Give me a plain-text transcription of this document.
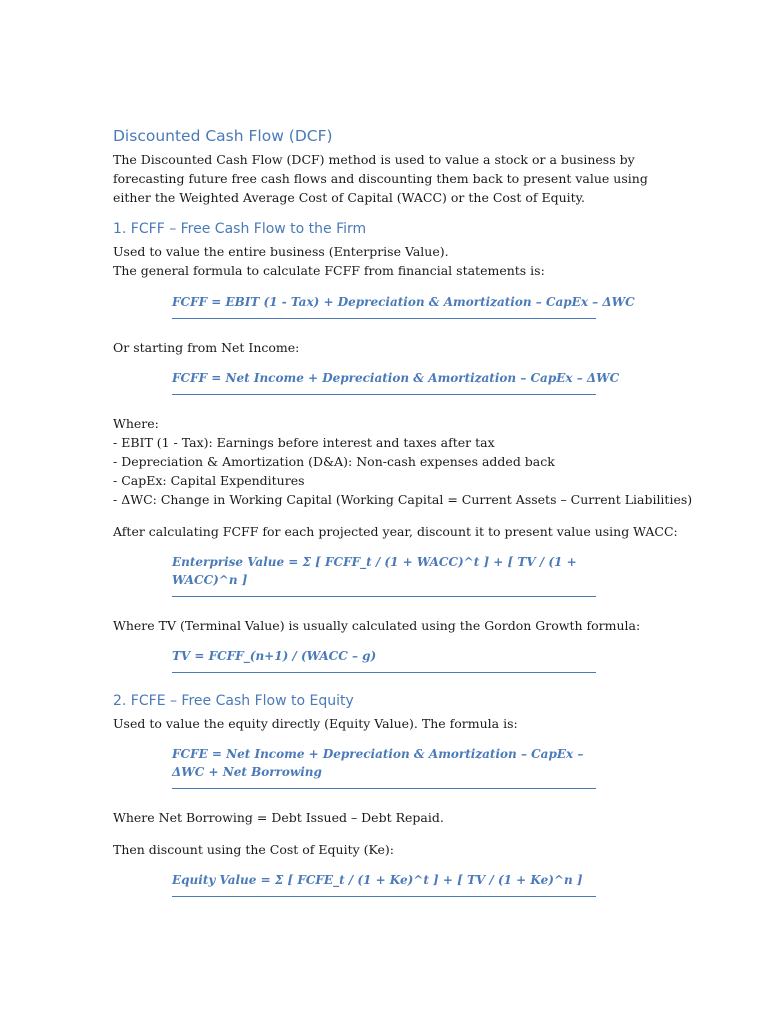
Discounted Cash Flow (DCF)
The Discounted Cash Flow (DCF) method is used to value a stock or a business by forecasting future free cash flows and discounting them back to present value using either the Weighted Average Cost of Capital (WACC) or the Cost of Equity.
1. FCFF – Free Cash Flow to the Firm
Used to value the entire business (Enterprise Value).
The general formula to calculate FCFF from financial statements is:
FCFF = EBIT (1 - Tax) + Depreciation & Amortization – CapEx – ΔWC
Or starting from Net Income:
FCFF = Net Income + Depreciation & Amortization – CapEx – ΔWC
Where:
- EBIT (1 - Tax): Earnings before interest and taxes after tax
- Depreciation & Amortization (D&A): Non-cash expenses added back
- CapEx: Capital Expenditures
- ΔWC: Change in Working Capital (Working Capital = Current Assets – Current Liabilities)
After calculating FCFF for each projected year, discount it to present value using WACC:
Enterprise Value = Σ [ FCFF_t / (1 + WACC)^t ] + [ TV / (1 + WACC)^n ]
Where TV (Terminal Value) is usually calculated using the Gordon Growth formula:
TV = FCFF_(n+1) / (WACC – g)
2. FCFE – Free Cash Flow to Equity
Used to value the equity directly (Equity Value). The formula is:
FCFE = Net Income + Depreciation & Amortization – CapEx – ΔWC + Net Borrowing
Where Net Borrowing = Debt Issued – Debt Repaid.
Then discount using the Cost of Equity (Ke):
Equity Value = Σ [ FCFE_t / (1 + Ke)^t ] + [ TV / (1 + Ke)^n ]
